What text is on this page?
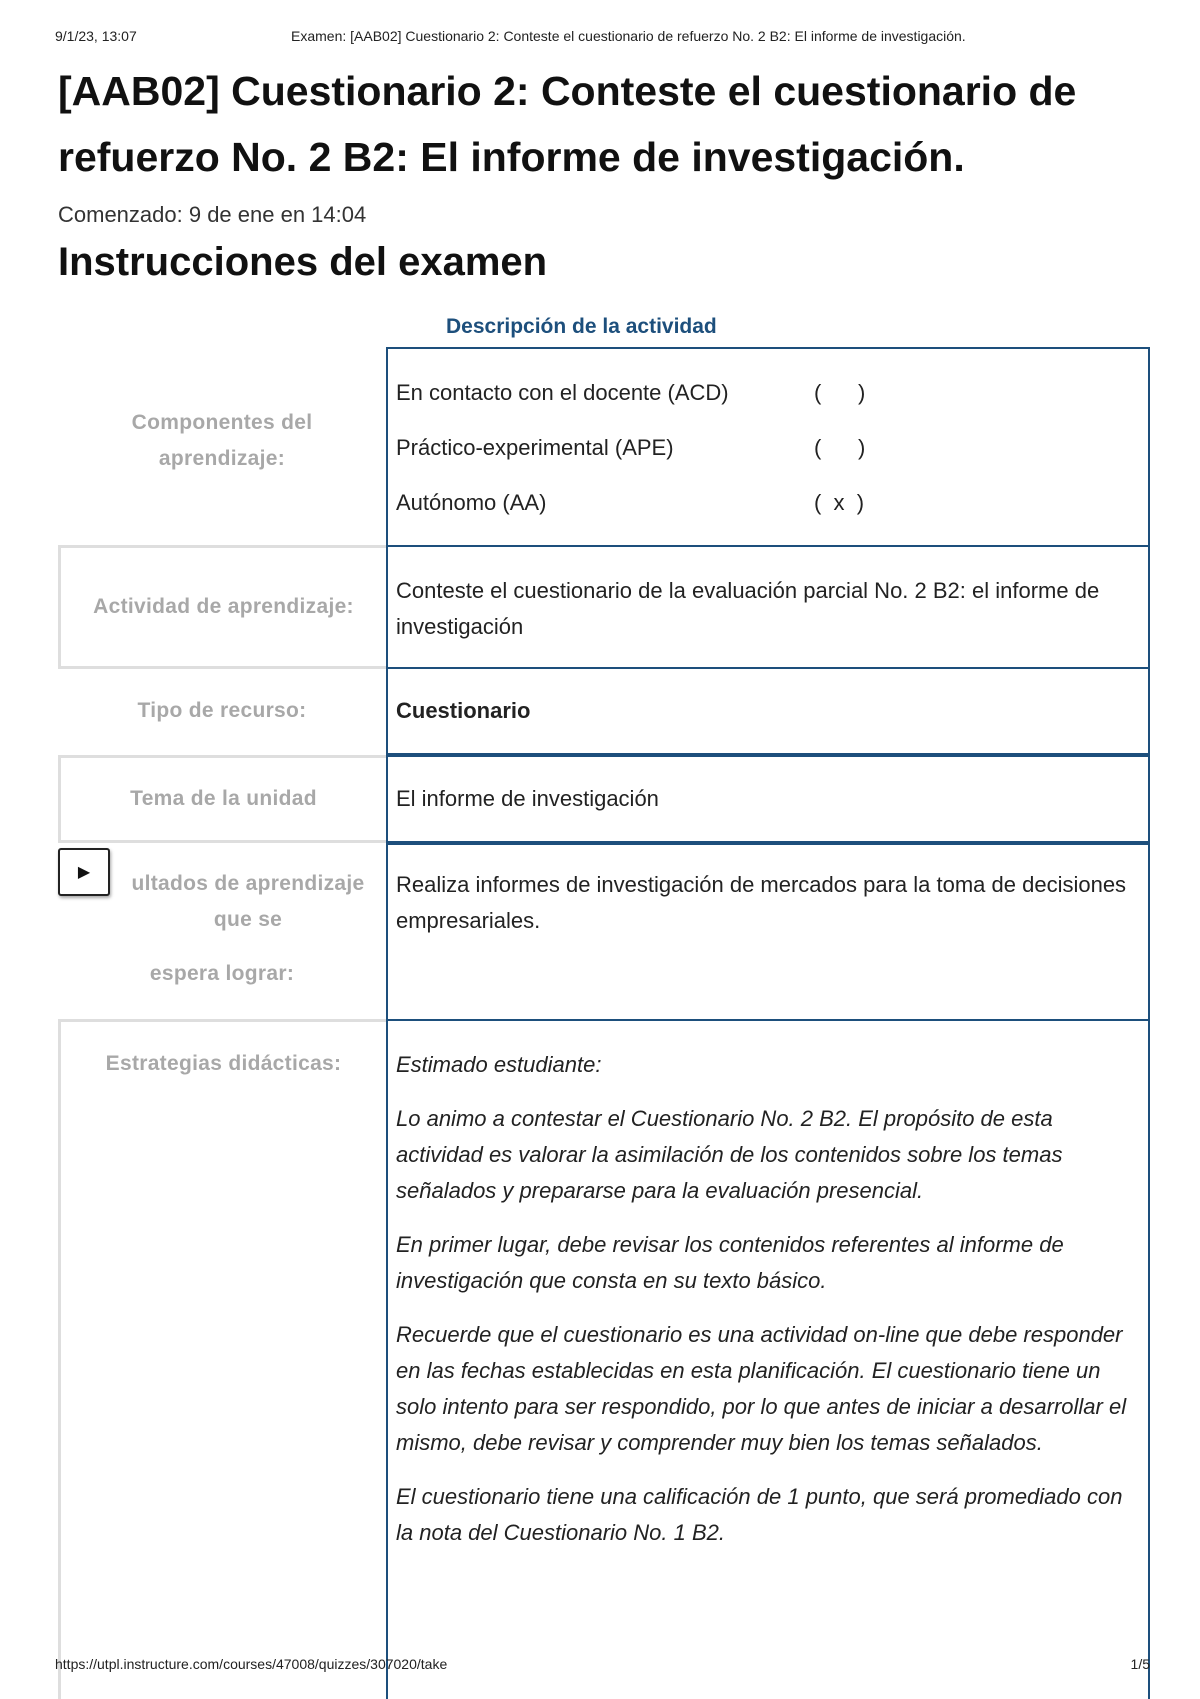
9/1/23, 13:07	Examen: [AAB02] Cuestionario 2: Conteste el cuestionario de refuerzo No. 2 B2: El informe de investigación.
[AAB02] Cuestionario 2: Conteste el cuestionario de refuerzo No. 2 B2: El informe de investigación.
Comenzado: 9 de ene en 14:04
Instrucciones del examen
Descripción de la actividad
Componentes del aprendizaje:
En contacto con el docente (ACD)	(      )
Práctico-experimental (APE)	(      )
Autónomo (AA)	(  x  )
Actividad de aprendizaje:

Conteste el cuestionario de la evaluación parcial No. 2 B2: el informe de investigación

Tipo de recurso:	Cuestionario
Tema de la unidad	El informe de investigación
ultados de aprendizaje que se
espera lograr:

Realiza informes de investigación de mercados para la toma de decisiones empresariales.

Estrategias didácticas:	Estimado estudiante:

Lo animo a contestar el Cuestionario No. 2 B2. El propósito de esta actividad es valorar la asimilación de los contenidos sobre los temas señalados y prepararse para la evaluación presencial.

En primer lugar, debe revisar los contenidos referentes al informe de investigación que consta en su texto básico.

Recuerde que el cuestionario es una actividad on-line que debe responder en las fechas establecidas en esta planificación. El cuestionario tiene un solo intento para ser respondido, por lo que antes de iniciar a desarrollar el mismo, debe revisar y comprender muy bien los temas señalados.

El cuestionario tiene una calificación de 1 punto, que será promediado con la nota del Cuestionario No. 1 B2.

▶
https://utpl.instructure.com/courses/47008/quizzes/307020/take	1/5
